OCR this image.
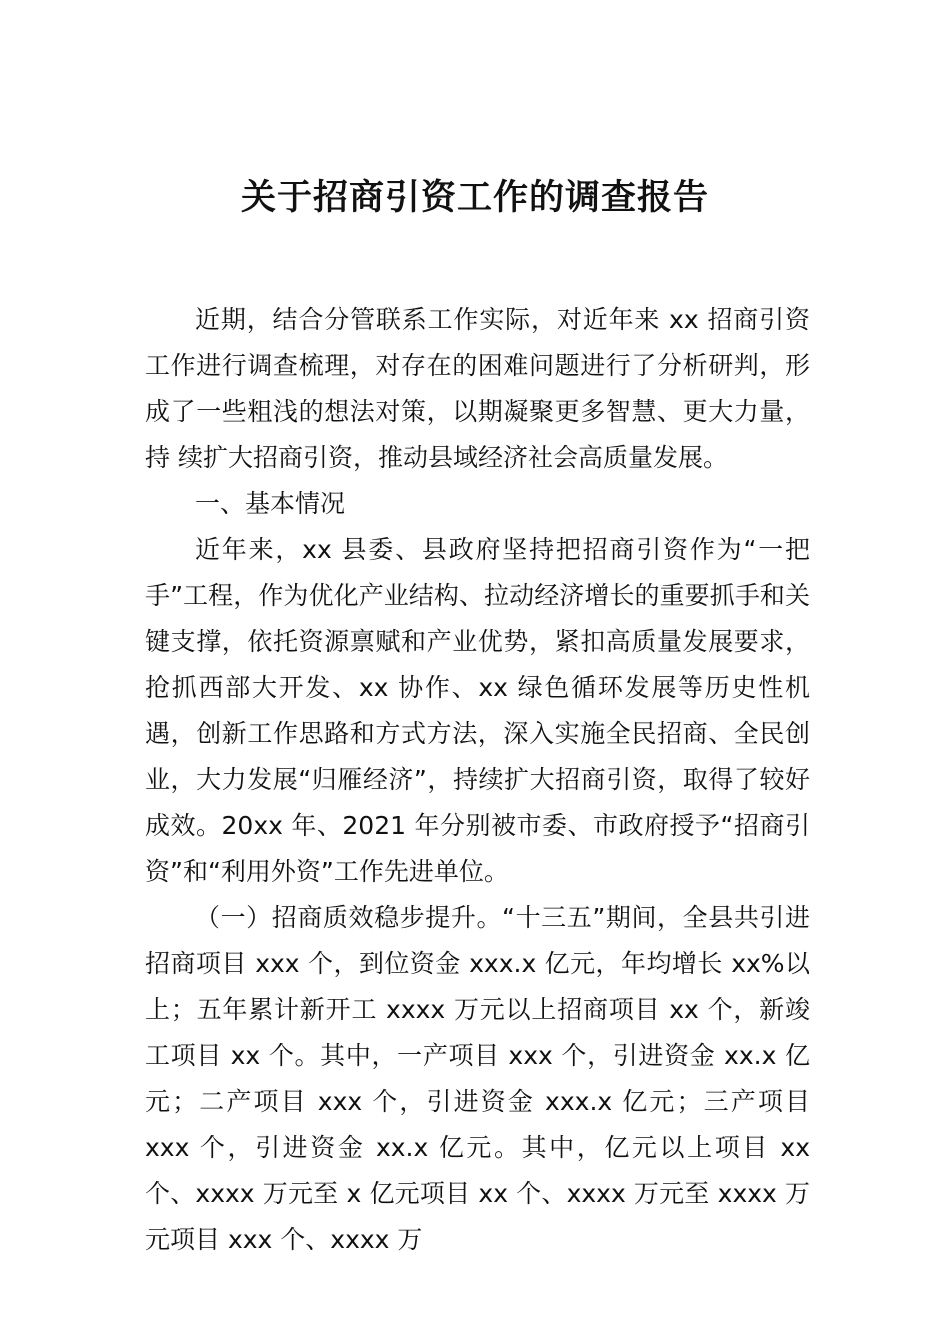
关于招商引资工作的调查报告

近期，结合分管联系工作实际，对近年来 xx 招商引资工作进行调查梳理，对存在的困难问题进行了分析研判，形成了一些粗浅的想法对策，以期凝聚更多智慧、更大力量，持 续扩大招商引资，推动县域经济社会高质量发展。

一、基本情况

近年来，xx 县委、县政府坚持把招商引资作为“一把手”工程，作为优化产业结构、拉动经济增长的重要抓手和关键支撑，依托资源禀赋和产业优势，紧扣高质量发展要求，抢抓西部大开发、xx 协作、xx 绿色循环发展等历史性机遇，创新工作思路和方式方法，深入实施全民招商、全民创业，大力发展“归雁经济”，持续扩大招商引资，取得了较好成效。20xx 年、2021 年分别被市委、市政府授予“招商引资”和“利用外资”工作先进单位。

（一）招商质效稳步提升。“十三五”期间，全县共引进招商项目 xxx 个，到位资金 xxx.x 亿元，年均增长 xx%以上；五年累计新开工 xxxx 万元以上招商项目 xx 个，新竣工项目 xx 个。其中，一产项目 xxx 个，引进资金 xx.x 亿元；二产项目 xxx 个，引进资金 xxx.x 亿元；三产项目 xxx 个，引进资金 xx.x 亿元。其中，亿元以上项目 xx 个、xxxx 万元至 x 亿元项目 xx 个、xxxx 万元至 xxxx 万元项目 xxx 个、xxxx 万
